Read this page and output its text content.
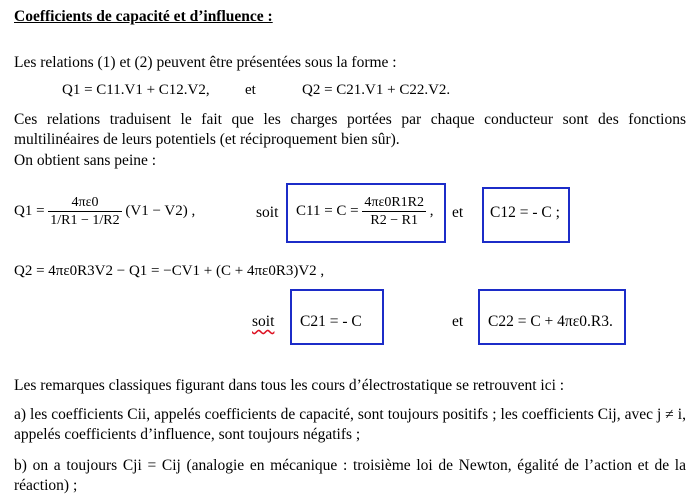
Coefficients de capacité et d’influence :
Les relations (1) et (2) peuvent être présentées sous la forme :
Q1 = C11.V1 + C12.V2, et	Q2 = C21.V1 + C22.V2.
Ces relations traduisent le fait que les charges portées par chaque conducteur sont des fonctions multilinéaires de leurs potentiels (et réciproquement bien sûr).
On obtient sans peine :
$Q1 = \frac{4\pi\varepsilon 0}{1/R1 - 1/R2} (V1 - V2)$ ,	soit $C11 = C = \frac{4\pi\varepsilon 0R1R2}{R2 - R1}$ , et C12 = - C ;
Q2 = 4πε0R3V2 − Q1 = −CV1 + (C + 4πε0R3)V2 ,
soit C21 = - C	et C22 = C + 4πε0.R3.
Les remarques classiques figurant dans tous les cours d’électrostatique se retrouvent ici :
a) les coefficients Cii, appelés coefficients de capacité, sont toujours positifs ; les coefficients Cij, avec j ≠ i, appelés coefficients d’influence, sont toujours négatifs ;
b) on a toujours Cji = Cij (analogie en mécanique : troisième loi de Newton, égalité de l’action et de la réaction) ;
